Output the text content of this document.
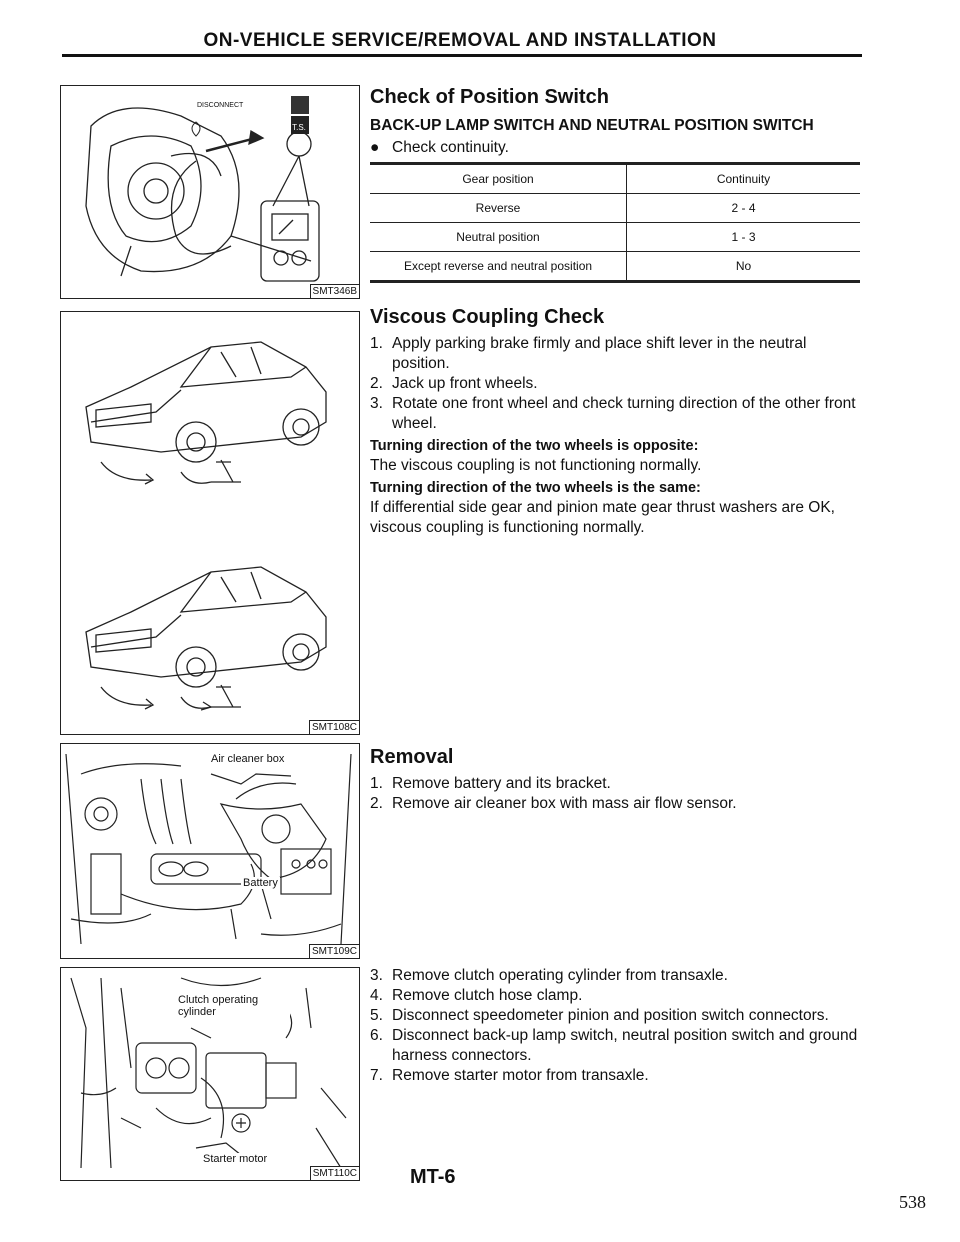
ON-VEHICLE SERVICE/REMOVAL AND INSTALLATION
T.S.
DISCONNECT
SMT346B
SMT108C
Air cleaner box
Battery
SMT109C
Clutch operating cylinder
Starter motor
SMT110C
Check of Position Switch
BACK-UP LAMP SWITCH AND NEUTRAL POSITION SWITCH
● Check continuity.
Gear position	Continuity
Reverse	2 - 4
Neutral position	1 - 3
Except reverse and neutral position	No
Viscous Coupling Check
1. Apply parking brake firmly and place shift lever in the neutral position.
2. Jack up front wheels.
3. Rotate one front wheel and check turning direction of the other front wheel.
Turning direction of the two wheels is opposite:
The viscous coupling is not functioning normally.
Turning direction of the two wheels is the same:
If differential side gear and pinion mate gear thrust washers are OK, viscous coupling is functioning normally.
Removal
1. Remove battery and its bracket.
2. Remove air cleaner box with mass air flow sensor.
3. Remove clutch operating cylinder from transaxle.
4. Remove clutch hose clamp.
5. Disconnect speedometer pinion and position switch connectors.
6. Disconnect back-up lamp switch, neutral position switch and ground harness connectors.
7. Remove starter motor from transaxle.
MT-6
538
